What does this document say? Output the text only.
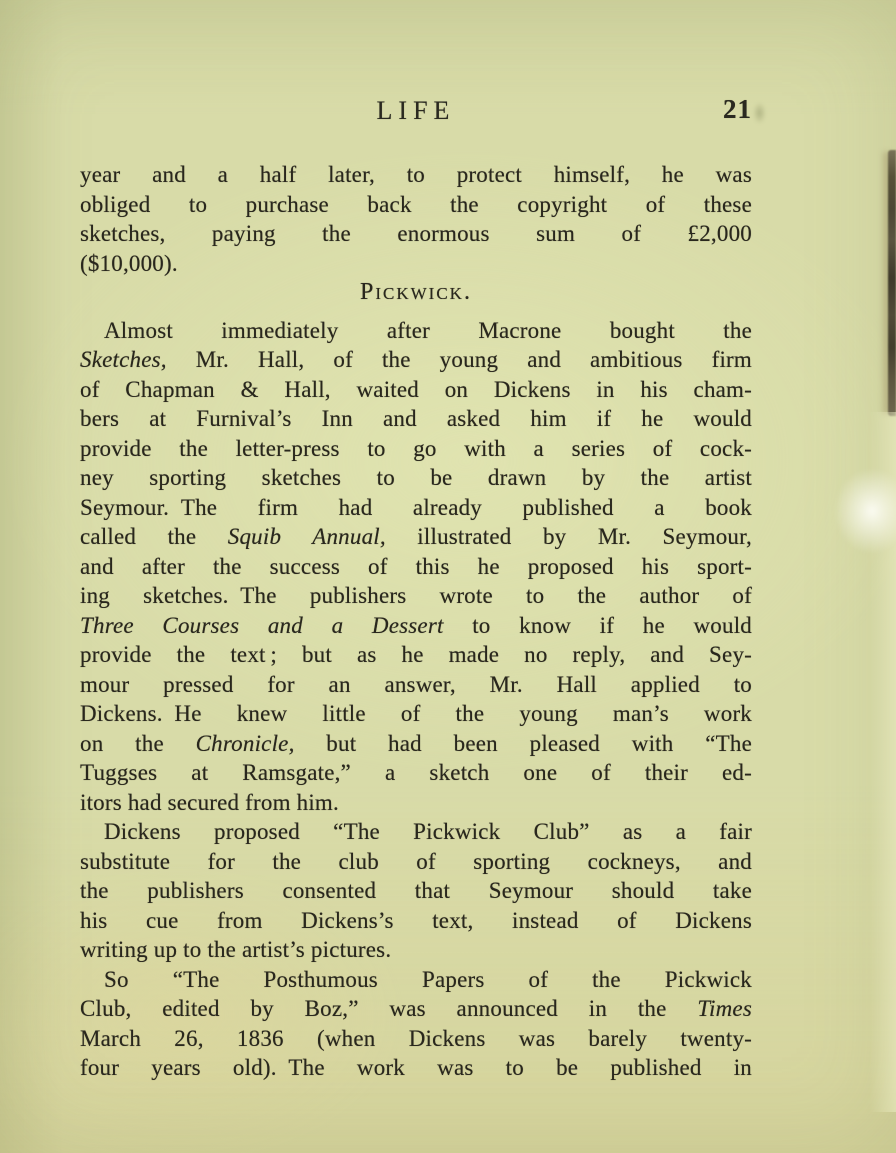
LIFE	21
year and a half later, to protect himself, he was
obliged to purchase back the copyright of these
sketches, paying the enormous sum of £2,000
($10,000).
Pickwick.
Almost immediately after Macrone bought the
Sketches, Mr. Hall, of the young and ambitious firm
of Chapman & Hall, waited on Dickens in his cham-
bers at Furnival’s Inn and asked him if he would
provide the letter-press to go with a series of cock-
ney sporting sketches to be drawn by the artist
Seymour. The firm had already published a book
called the Squib Annual, illustrated by Mr. Seymour,
and after the success of this he proposed his sport-
ing sketches. The publishers wrote to the author of
Three Courses and a Dessert to know if he would
provide the text ; but as he made no reply, and Sey-
mour pressed for an answer, Mr. Hall applied to
Dickens. He knew little of the young man’s work
on the Chronicle, but had been pleased with “The
Tuggses at Ramsgate,” a sketch one of their ed-
itors had secured from him.
Dickens proposed “The Pickwick Club” as a fair
substitute for the club of sporting cockneys, and
the publishers consented that Seymour should take
his cue from Dickens’s text, instead of Dickens
writing up to the artist’s pictures.
So “The Posthumous Papers of the Pickwick
Club, edited by Boz,” was announced in the Times
March 26, 1836 (when Dickens was barely twenty-
four years old). The work was to be published in
